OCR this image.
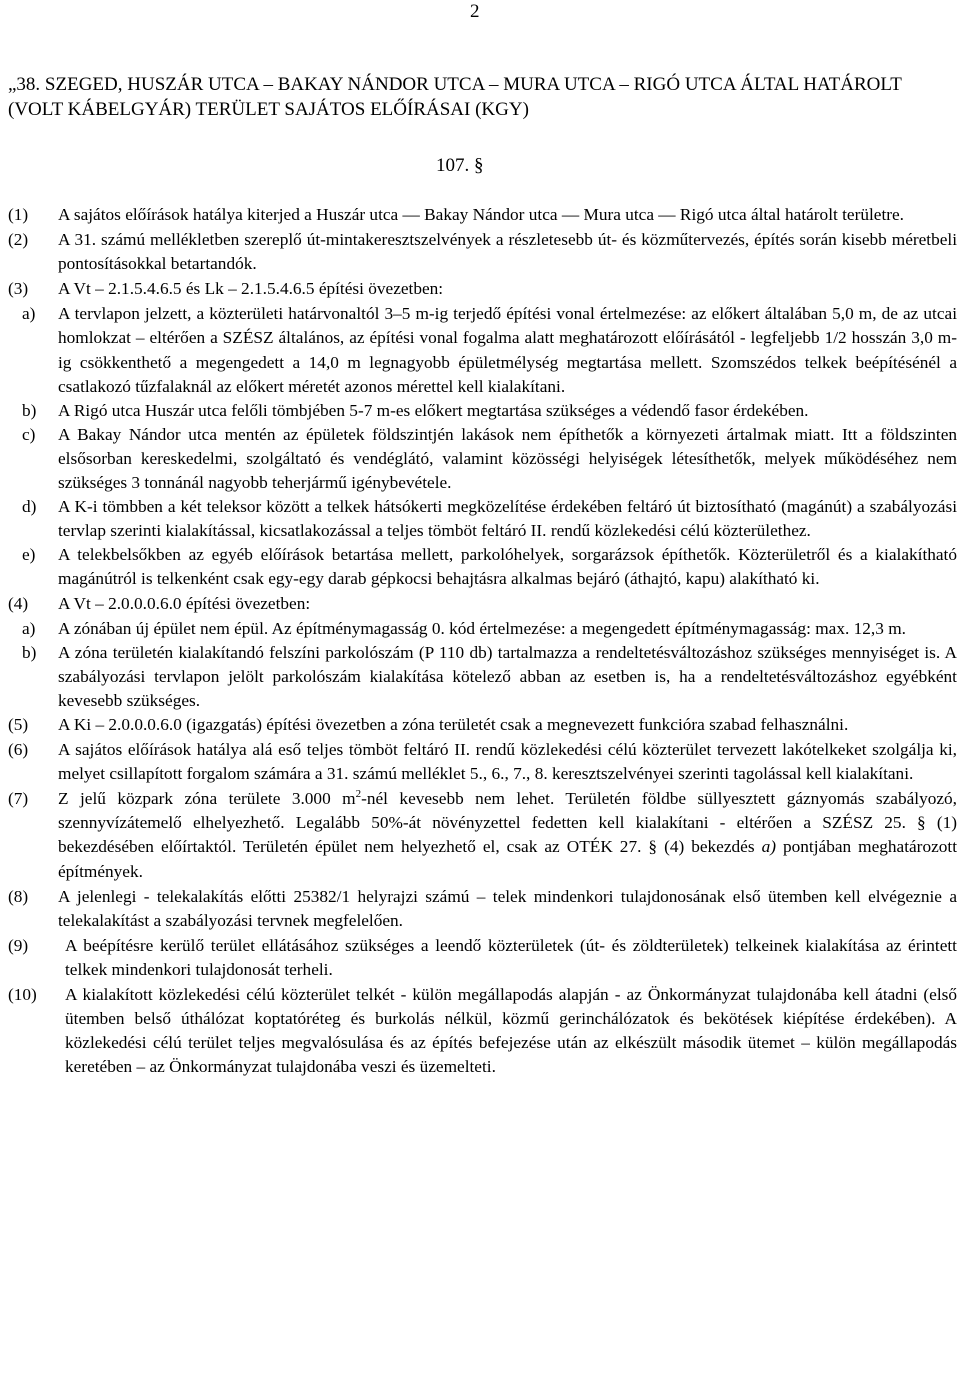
2
„38. SZEGED, HUSZÁR UTCA – BAKAY NÁNDOR UTCA – MURA UTCA – RIGÓ UTCA ÁLTAL HATÁROLT (VOLT KÁBELGYÁR) TERÜLET SAJÁTOS ELŐÍRÁSAI (KGY)
107. §
(1)	A sajátos előírások hatálya kiterjed a Huszár utca — Bakay Nándor utca — Mura utca — Rigó utca által határolt területre.
(2)	A 31. számú mellékletben szereplő út-mintakeresztszelvények a részletesebb út- és közműtervezés, építés során kisebb méretbeli pontosításokkal betartandók.
(3)	A Vt – 2.1.5.4.6.5 és Lk – 2.1.5.4.6.5 építési övezetben:
a)	A tervlapon jelzett, a közterületi határvonaltól 3–5 m-ig terjedő építési vonal értelmezése: az előkert általában 5,0 m, de az utcai homlokzat – eltérően a SZÉSZ általános, az építési vonal fogalma alatt meghatározott előírásától - legfeljebb 1/2 hosszán 3,0 m-ig csökkenthető a megengedett a 14,0 m legnagyobb épületmélység megtartása mellett. Szomszédos telkek beépítésénél a csatlakozó tűzfalaknál az előkert méretét azonos mérettel kell kialakítani.
b)	A Rigó utca Huszár utca felőli tömbjében 5-7 m-es előkert megtartása szükséges a védendő fasor érdekében.
c)	A Bakay Nándor utca mentén az épületek földszintjén lakások nem építhetők a környezeti ártalmak miatt. Itt a földszinten elsősorban kereskedelmi, szolgáltató és vendéglátó, valamint közösségi helyiségek létesíthetők, melyek működéséhez nem szükséges 3 tonnánál nagyobb teherjármű igénybevétele.
d)	A K-i tömbben a két teleksor között a telkek hátsókerti megközelítése érdekében feltáró út biztosítható (magánút) a szabályozási tervlap szerinti kialakítással, kicsatlakozással a teljes tömböt feltáró II. rendű közlekedési célú közterülethez.
e)	A telekbelsőkben az egyéb előírások betartása mellett, parkolóhelyek, sorgarázsok építhetők. Közterületről és a kialakítható magánútról is telkenként csak egy-egy darab gépkocsi behajtásra alkalmas bejáró (áthajtó, kapu) alakítható ki.
(4)	A Vt – 2.0.0.0.6.0 építési övezetben:
a)	A zónában új épület nem épül. Az építménymagasság 0. kód értelmezése: a megengedett építménymagasság: max. 12,3 m.
b)	A zóna területén kialakítandó felszíni parkolószám (P 110 db) tartalmazza a rendeltetésváltozáshoz szükséges mennyiséget is. A szabályozási tervlapon jelölt parkolószám kialakítása kötelező abban az esetben is, ha a rendeltetésváltozáshoz egyébként kevesebb szükséges.
(5)	A Ki – 2.0.0.0.6.0 (igazgatás) építési övezetben a zóna területét csak a megnevezett funkcióra szabad felhasználni.
(6)	A sajátos előírások hatálya alá eső teljes tömböt feltáró II. rendű közlekedési célú közterület tervezett lakótelkeket szolgálja ki, melyet csillapított forgalom számára a 31. számú melléklet 5., 6., 7., 8. keresztszelvényei szerinti tagolással kell kialakítani.
(7)	Z jelű közpark zóna területe 3.000 $m^2$-nél kevesebb nem lehet. Területén földbe süllyesztett gáznyomás szabályozó, szennyvízátemelő elhelyezhető. Legalább 50%-át növényzettel fedetten kell kialakítani - eltérően a SZÉSZ 25. § (1) bekezdésében előírtaktól. Területén épület nem helyezhető el, csak az OTÉK 27. § (4) bekezdés a) pontjában meghatározott építmények.
(8)	A jelenlegi - telekalakítás előtti 25382/1 helyrajzi számú – telek mindenkori tulajdonosának első ütemben kell elvégeznie a telekalakítást a szabályozási tervnek megfelelően.
(9)	A beépítésre kerülő terület ellátásához szükséges a leendő közterületek (út- és zöldterületek) telkeinek kialakítása az érintett telkek mindenkori tulajdonosát terheli.
(10)	A kialakított közlekedési célú közterület telkét - külön megállapodás alapján - az Önkormányzat tulajdonába kell átadni (első ütemben belső úthálózat koptatóréteg és burkolás nélkül, közmű gerinchálózatok és bekötések kiépítése érdekében). A közlekedési célú terület teljes megvalósulása és az építés befejezése után az elkészült második ütemet – külön megállapodás keretében – az Önkormányzat tulajdonába veszi és üzemelteti.
